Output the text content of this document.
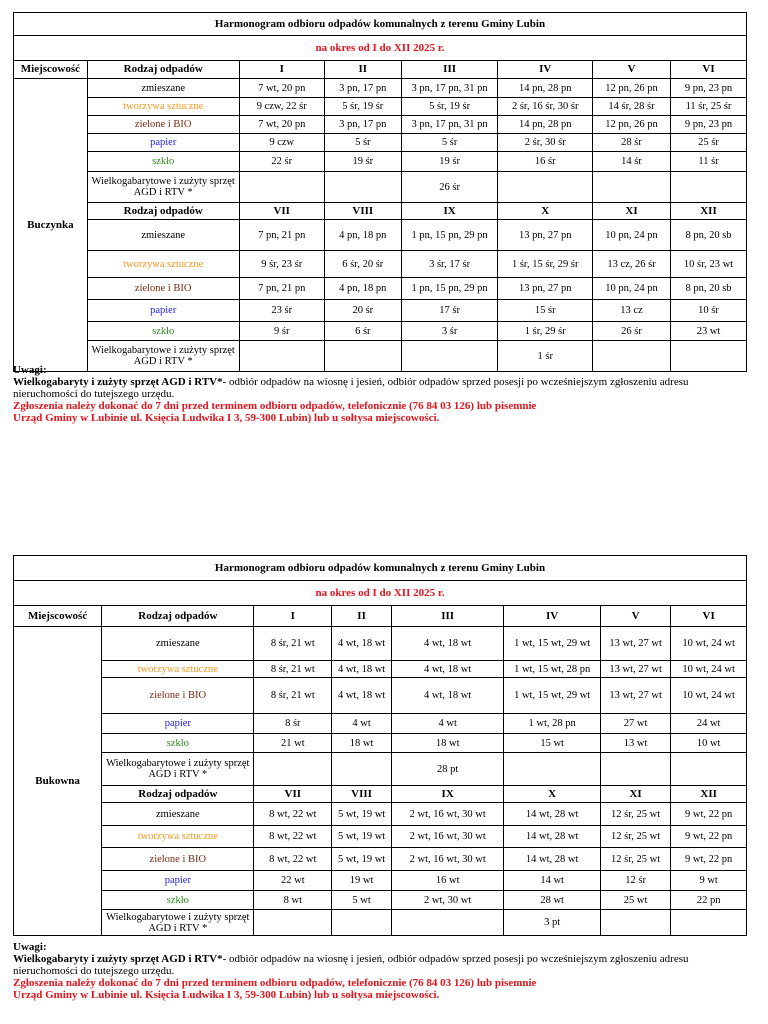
Harmonogram odbioru odpadów komunalnych z terenu Gminy Lubin							
na okres od I do XII 2025 r.							
Miejscowość	Rodzaj odpadów	I	II	III	IV	V	VI
Buczynka	zmieszane	7 wt, 20 pn	3 pn, 17 pn	3 pn, 17 pn, 31 pn	14 pn, 28 pn	12 pn, 26 pn	9 pn, 23 pn
	tworzywa sztuczne	9 czw, 22 śr	5 śr, 19 śr	5 śr, 19 śr	2 śr, 16 śr, 30 śr	14 śr, 28 śr	11 śr, 25 śr
	zielone i BIO	7 wt, 20 pn	3 pn, 17 pn	3 pn, 17 pn, 31 pn	14 pn, 28 pn	12 pn, 26 pn	9 pn, 23 pn
	papier	9 czw	5 śr	5 śr	2 śr, 30 śr	28 śr	25 śr
	szkło	22 śr	19 śr	19 śr	16 śr	14 śr	11 śr
	Wielkogabarytowe i zużyty sprzęt AGD i RTV *			26 śr			
	Rodzaj odpadów	VII	VIII	IX	X	XI	XII
	zmieszane	7 pn, 21 pn	4 pn, 18 pn	1 pn, 15 pn, 29 pn	13 pn, 27 pn	10 pn, 24 pn	8 pn, 20 sb
	tworzywa sztuczne	9 śr, 23 śr	6 śr, 20 śr	3 śr, 17 śr	1 śr, 15 śr, 29 śr	13 cz, 26 śr	10 śr, 23 wt
	zielone i BIO	7 pn, 21 pn	4 pn, 18 pn	1 pn, 15 pn, 29 pn	13 pn, 27 pn	10 pn, 24 pn	8 pn, 20 sb
	papier	23 śr	20 śr	17 śr	15 śr	13 cz	10 śr
	szkło	9 śr	6 śr	3 śr	1 śr, 29 śr	26 śr	23 wt
	Wielkogabarytowe i zużyty sprzęt AGD i RTV *				1 śr		
Uwagi:
Wielkogabaryty i zużyty sprzęt AGD i RTV*- odbiór odpadów na wiosnę i jesień, odbiór odpadów sprzed posesji po wcześniejszym zgłoszeniu adresu nieruchomości do tutejszego urzędu.
Zgłoszenia należy dokonać do 7 dni przed terminem odbioru odpadów, telefonicznie (76 84 03 126) lub pisemnie
Urząd Gminy w Lubinie ul. Księcia Ludwika I 3, 59-300 Lubin) lub u sołtysa miejscowości.
Harmonogram odbioru odpadów komunalnych z terenu Gminy Lubin							
na okres od I do XII 2025 r.							
Miejscowość	Rodzaj odpadów	I	II	III	IV	V	VI
Bukowna	zmieszane	8 śr, 21 wt	4 wt, 18 wt	4 wt, 18 wt	1 wt, 15 wt, 29 wt	13 wt, 27 wt	10 wt, 24 wt
	tworzywa sztuczne	8 śr, 21 wt	4 wt, 18 wt	4 wt, 18 wt	1 wt, 15 wt, 28 pn	13 wt, 27 wt	10 wt, 24 wt
	zielone i BIO	8 śr, 21 wt	4 wt, 18 wt	4 wt, 18 wt	1 wt, 15 wt, 29 wt	13 wt, 27 wt	10 wt, 24 wt
	papier	8 śr	4 wt	4 wt	1 wt, 28 pn	27 wt	24 wt
	szkło	21 wt	18 wt	18 wt	15 wt	13 wt	10 wt
	Wielkogabarytowe i zużyty sprzęt AGD i RTV *			28 pt			
	Rodzaj odpadów	VII	VIII	IX	X	XI	XII
	zmieszane	8 wt, 22 wt	5 wt, 19 wt	2 wt, 16 wt, 30 wt	14 wt, 28 wt	12 śr, 25 wt	9 wt, 22 pn
	tworzywa sztuczne	8 wt, 22 wt	5 wt, 19 wt	2 wt, 16 wt, 30 wt	14 wt, 28 wt	12 śr, 25 wt	9 wt, 22 pn
	zielone i BIO	8 wt, 22 wt	5 wt, 19 wt	2 wt, 16 wt, 30 wt	14 wt, 28 wt	12 śr, 25 wt	9 wt, 22 pn
	papier	22 wt	19 wt	16 wt	14 wt	12 śr	9 wt
	szkło	8 wt	5 wt	2 wt, 30 wt	28 wt	25 wt	22 pn
	Wielkogabarytowe i zużyty sprzęt AGD i RTV *				3 pt		
Uwagi:
Wielkogabaryty i zużyty sprzęt AGD i RTV*- odbiór odpadów na wiosnę i jesień, odbiór odpadów sprzed posesji po wcześniejszym zgłoszeniu adresu nieruchomości do tutejszego urzędu.
Zgłoszenia należy dokonać do 7 dni przed terminem odbioru odpadów, telefonicznie (76 84 03 126) lub pisemnie
Urząd Gminy w Lubinie ul. Księcia Ludwika I 3, 59-300 Lubin) lub u sołtysa miejscowości.
